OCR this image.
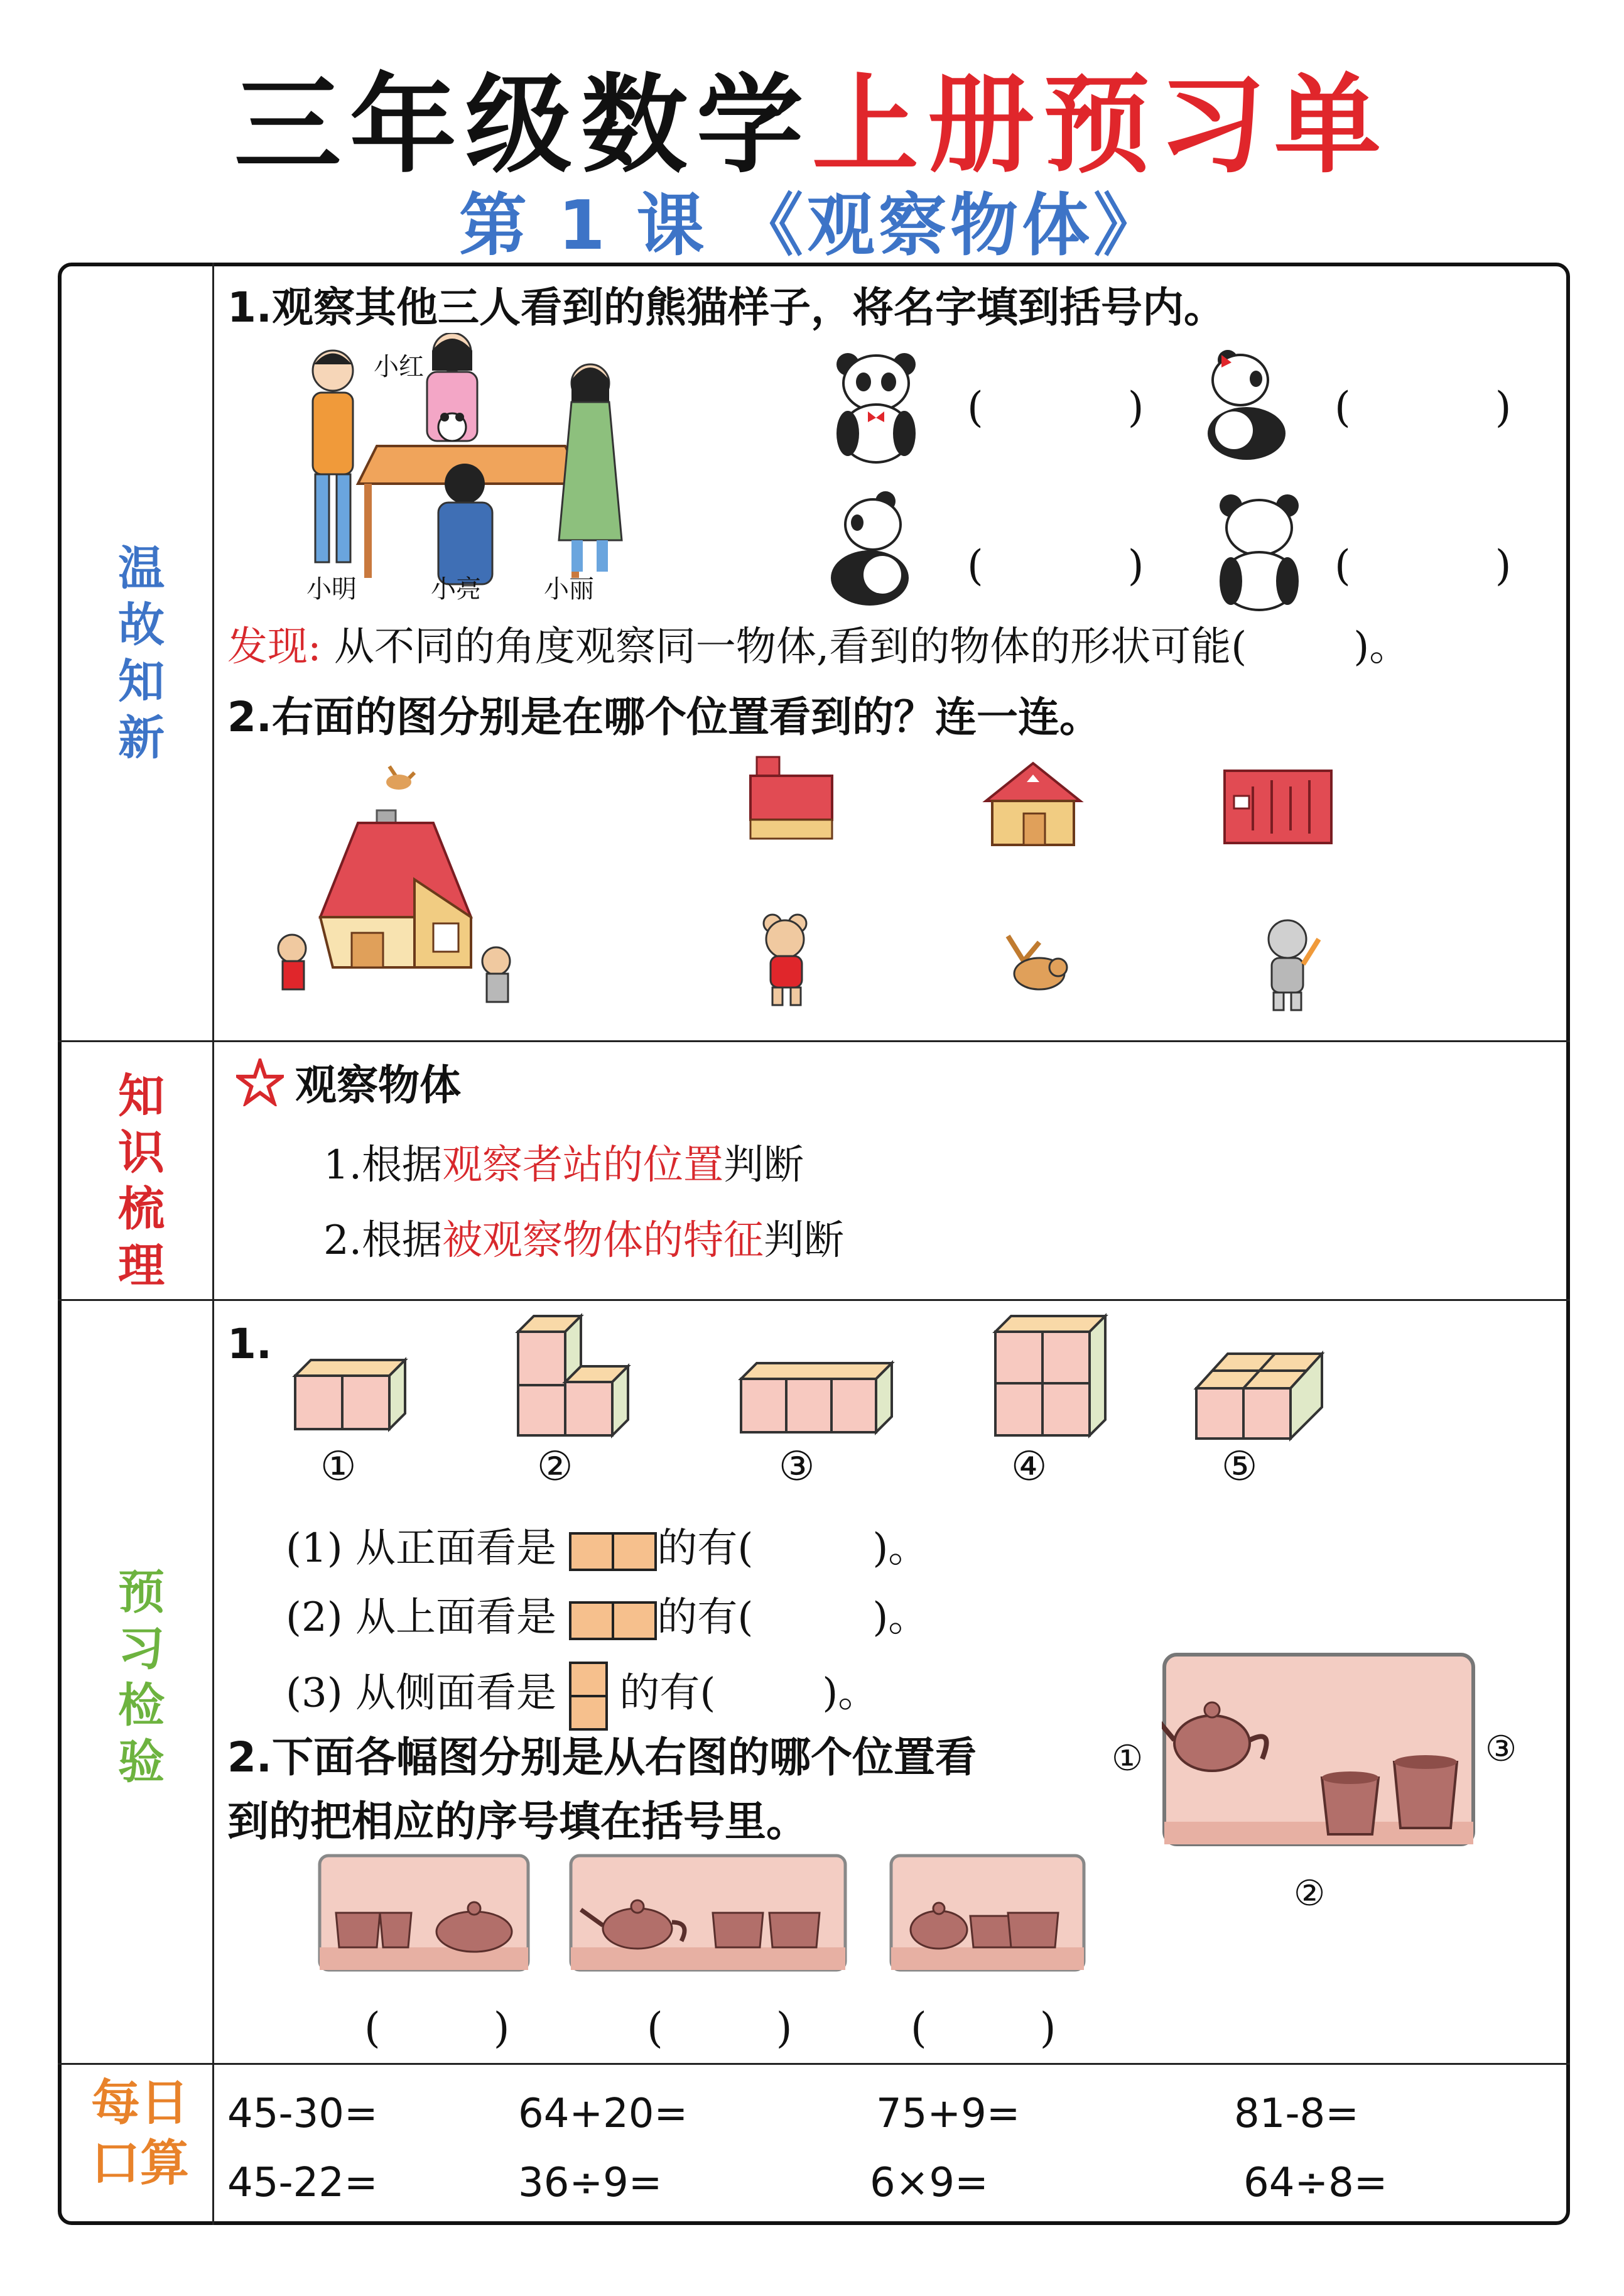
三年级数学上册预习单
第 1 课 《观察物体》
温
故
知
新
知
识
梳
理
预
习
检
验
每日
口算
1.观察其他三人看到的熊猫样子，将名字填到括号内。
小红
小明	小亮	小丽
(	)	(	)
(	)	(	)
发现: 从不同的角度观察同一物体,看到的物体的形状可能(	)。
2.右面的图分别是在哪个位置看到的？连一连。
观察物体
1.根据观察者站的位置判断
2.根据被观察物体的特征判断
1.
①	②	③	④	⑤
(1) 从正面看是	的有(	)。
(2) 从上面看是	的有(	)。
(3) 从侧面看是 的有(	)。
2.下面各幅图分别是从右图的哪个位置看
到的把相应的序号填在括号里。
①
②
③
(	)	(	)	(	)
45-30=	64+20=	75+9=	81-8=
45-22=	36÷9=	6×9=	64÷8=
